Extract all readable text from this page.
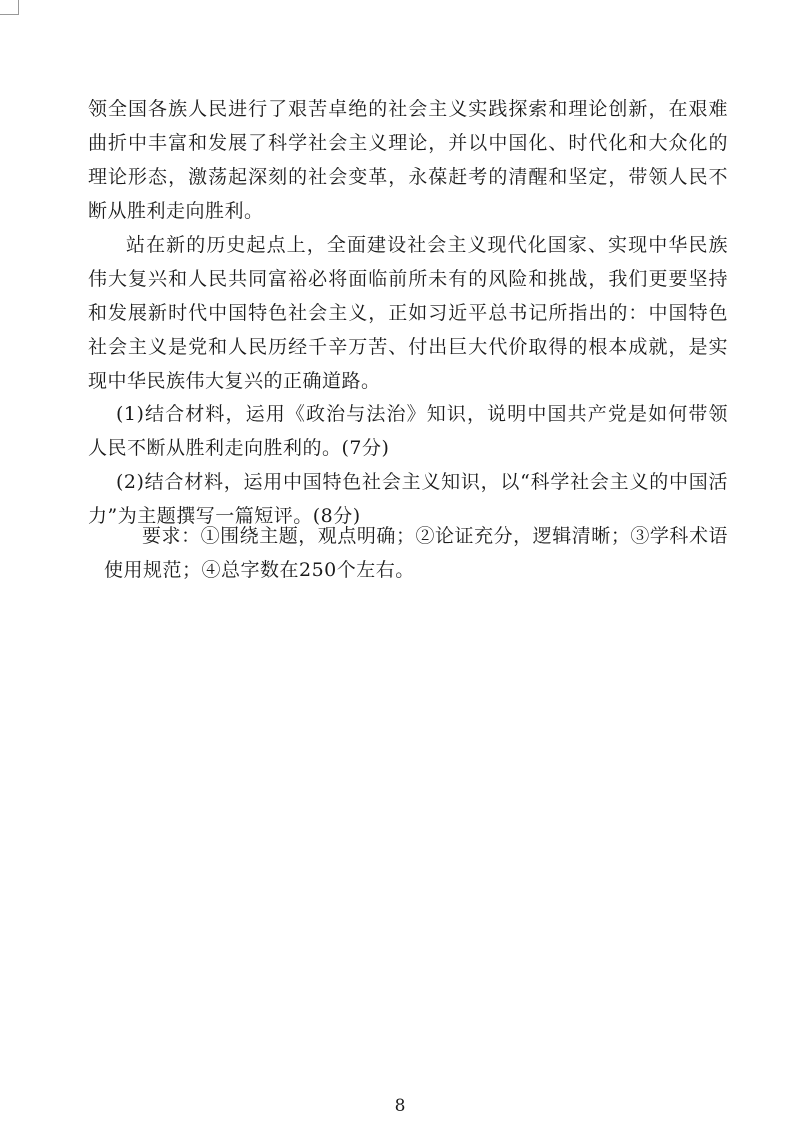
领全国各族人民进行了艰苦卓绝的社会主义实践探索和理论创新，在艰难曲折中丰富和发展了科学社会主义理论，并以中国化、时代化和大众化的理论形态，激荡起深刻的社会变革，永葆赶考的清醒和坚定，带领人民不断从胜利走向胜利。

站在新的历史起点上，全面建设社会主义现代化国家、实现中华民族伟大复兴和人民共同富裕必将面临前所未有的风险和挑战，我们更要坚持和发展新时代中国特色社会主义，正如习近平总书记所指出的：中国特色社会主义是党和人民历经千辛万苦、付出巨大代价取得的根本成就，是实现中华民族伟大复兴的正确道路。

(1)结合材料，运用《政治与法治》知识，说明中国共产党是如何带领人民不断从胜利走向胜利的。(7分)

(2)结合材料，运用中国特色社会主义知识，以“科学社会主义的中国活力”为主题撰写一篇短评。(8分)

要求：①围绕主题，观点明确；②论证充分，逻辑清晰；③学科术语使用规范；④总字数在250个左右。

8
